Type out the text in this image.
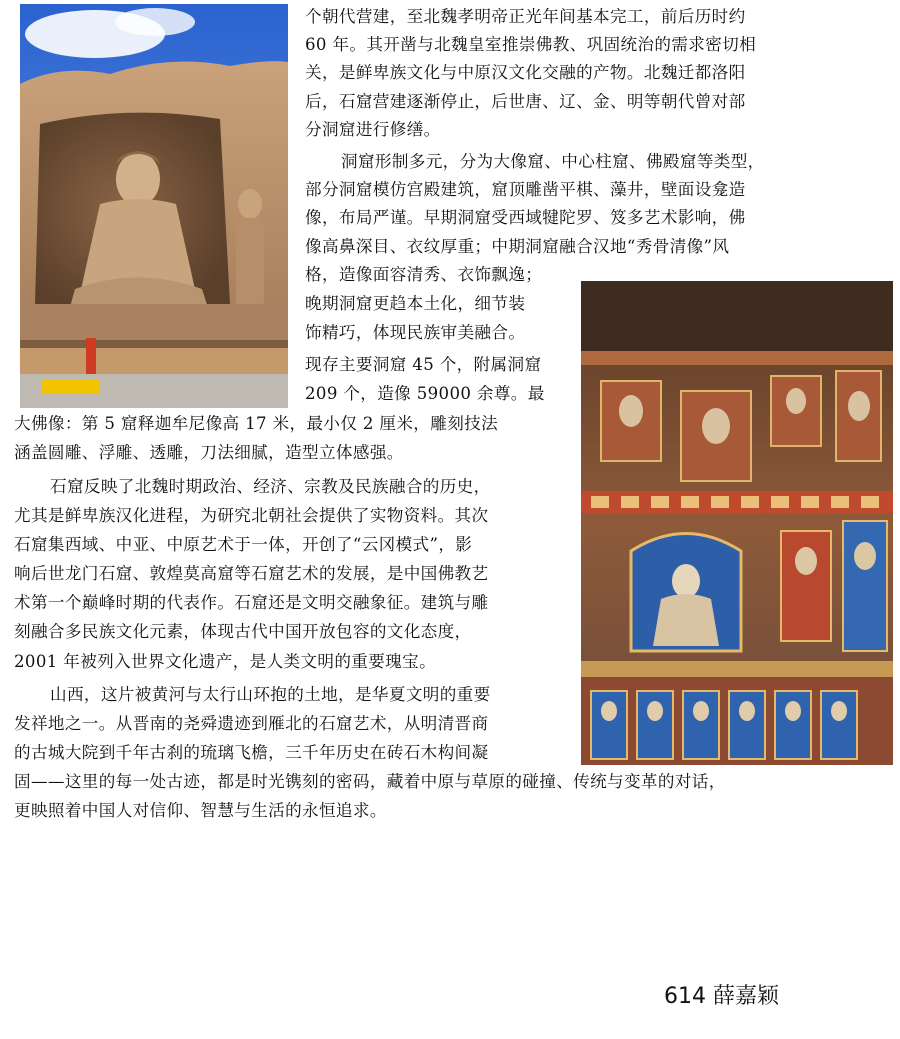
个朝代营建，至北魏孝明帝正光年间基本完工，前后历时约
60 年。其开凿与北魏皇室推崇佛教、巩固统治的需求密切相
关，是鲜卑族文化与中原汉文化交融的产物。北魏迁都洛阳
后，石窟营建逐渐停止，后世唐、辽、金、明等朝代曾对部
分洞窟进行修缮。
洞窟形制多元，分为大像窟、中心柱窟、佛殿窟等类型，
部分洞窟模仿宫殿建筑，窟顶雕凿平棋、藻井，壁面设龛造
像，布局严谨。早期洞窟受西域犍陀罗、笈多艺术影响，佛
像高鼻深目、衣纹厚重；中期洞窟融合汉地“秀骨清像”风
格，造像面容清秀、衣饰飘逸；
晚期洞窟更趋本土化，细节装
饰精巧，体现民族审美融合。
现存主要洞窟 45 个，附属洞窟
209 个，造像 59000 余尊。最
大佛像：第 5 窟释迦牟尼像高 17 米，最小仅 2 厘米，雕刻技法
涵盖圆雕、浮雕、透雕，刀法细腻，造型立体感强。
石窟反映了北魏时期政治、经济、宗教及民族融合的历史，
尤其是鲜卑族汉化进程，为研究北朝社会提供了实物资料。其次
石窟集西域、中亚、中原艺术于一体，开创了“云冈模式”，影
响后世龙门石窟、敦煌莫高窟等石窟艺术的发展，是中国佛教艺
术第一个巅峰时期的代表作。石窟还是文明交融象征。建筑与雕
刻融合多民族文化元素，体现古代中国开放包容的文化态度，
2001 年被列入世界文化遗产，是人类文明的重要瑰宝。
山西，这片被黄河与太行山环抱的土地，是华夏文明的重要
发祥地之一。从晋南的尧舜遗迹到雁北的石窟艺术，从明清晋商
的古城大院到千年古刹的琉璃飞檐，三千年历史在砖石木构间凝
固——这里的每一处古迹，都是时光镌刻的密码，藏着中原与草原的碰撞、传统与变革的对话，
更映照着中国人对信仰、智慧与生活的永恒追求。
614 薛嘉颖
